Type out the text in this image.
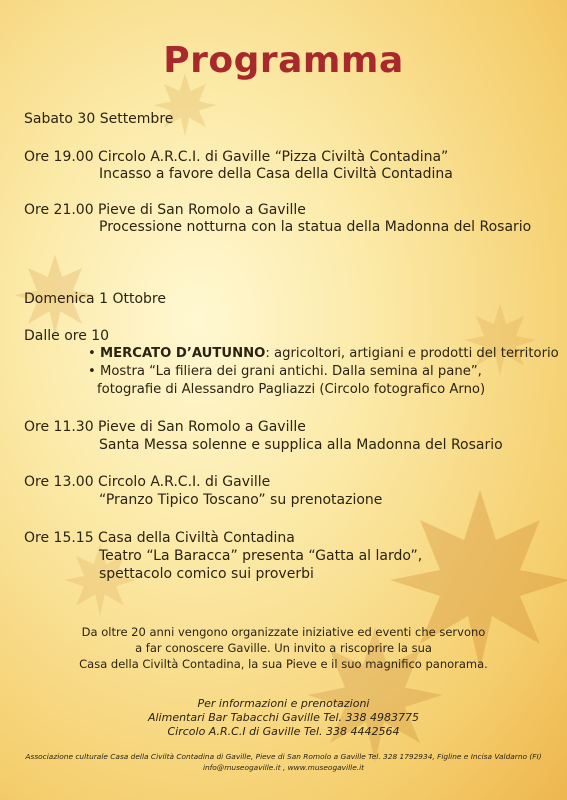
Programma
Sabato 30 Settembre
Ore 19.00 Circolo A.R.C.I. di Gaville “Pizza Civiltà Contadina”
Incasso a favore della Casa della Civiltà Contadina
Ore 21.00 Pieve di San Romolo a Gaville
Processione notturna con la statua della Madonna del Rosario
Domenica 1 Ottobre
Dalle ore 10
• MERCATO D’AUTUNNO: agricoltori, artigiani e prodotti del territorio
• Mostra “La filiera dei grani antichi. Dalla semina al pane”,
fotografie di Alessandro Pagliazzi (Circolo fotografico Arno)
Ore 11.30 Pieve di San Romolo a Gaville
Santa Messa solenne e supplica alla Madonna del Rosario
Ore 13.00 Circolo A.R.C.I. di Gaville
“Pranzo Tipico Toscano” su prenotazione
Ore 15.15 Casa della Civiltà Contadina
Teatro “La Baracca” presenta “Gatta al lardo”,
spettacolo comico sui proverbi
Da oltre 20 anni vengono organizzate iniziative ed eventi che servono
a far conoscere Gaville. Un invito a riscoprire la sua
Casa della Civiltà Contadina, la sua Pieve e il suo magnifico panorama.
Per informazioni e prenotazioni
Alimentari Bar Tabacchi Gaville Tel. 338 4983775
Circolo A.R.C.I di Gaville Tel. 338 4442564
Associazione culturale Casa della Civiltà Contadina di Gaville, Pieve di San Romolo a Gaville Tel. 328 1792934, Figline e Incisa Valdarno (FI)
info@museogaville.it , www.museogaville.it
